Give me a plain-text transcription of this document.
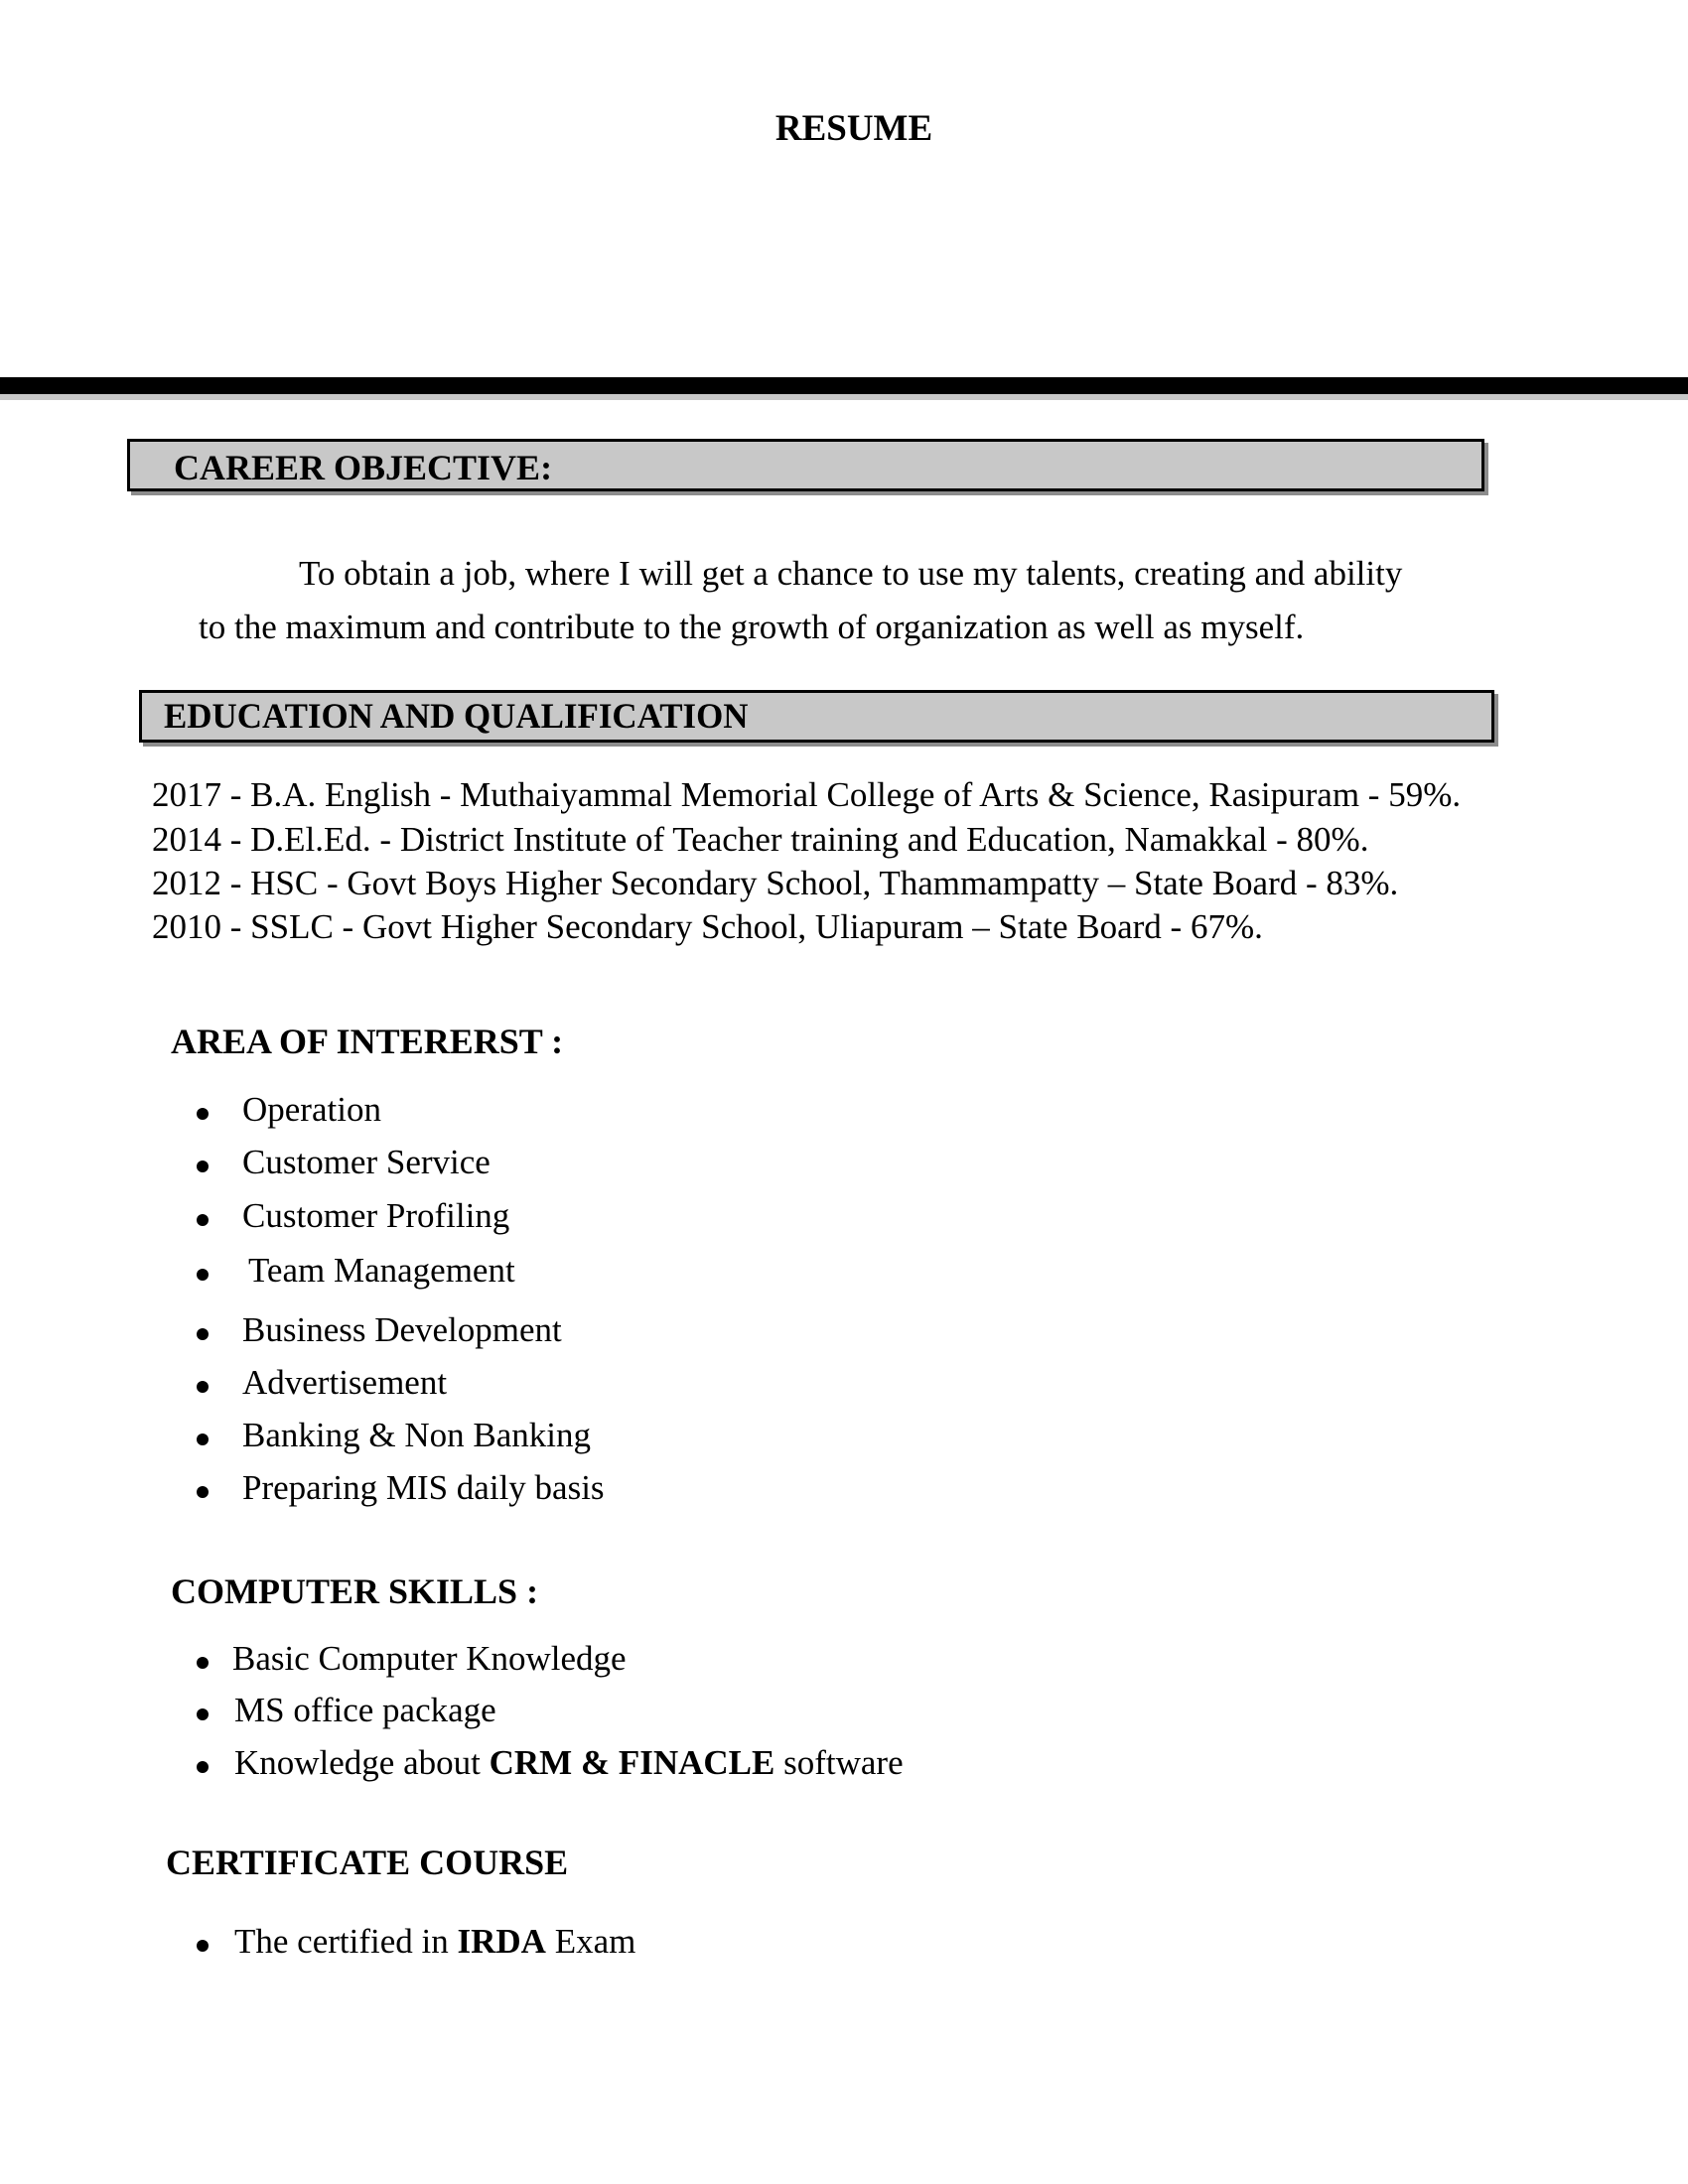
RESUME
CAREER OBJECTIVE:
To obtain a job, where I will get a chance to use my talents, creating and ability
to the maximum and contribute to the growth of organization as well as myself.
EDUCATION AND QUALIFICATION
2017 - B.A. English - Muthaiyammal Memorial College of Arts & Science, Rasipuram - 59%.
2014 - D.El.Ed. - District Institute of Teacher training and Education, Namakkal - 80%.
2012 - HSC - Govt Boys Higher Secondary School, Thammampatty – State Board - 83%.
2010 - SSLC - Govt Higher Secondary School, Uliapuram – State Board - 67%.
AREA OF INTERERST :
Operation
Customer Service
Customer Profiling
Team Management
Business Development
Advertisement
Banking & Non Banking
Preparing MIS daily basis
COMPUTER SKILLS :
Basic Computer Knowledge
MS office package
Knowledge about CRM & FINACLE software
CERTIFICATE COURSE
The certified in IRDA Exam
